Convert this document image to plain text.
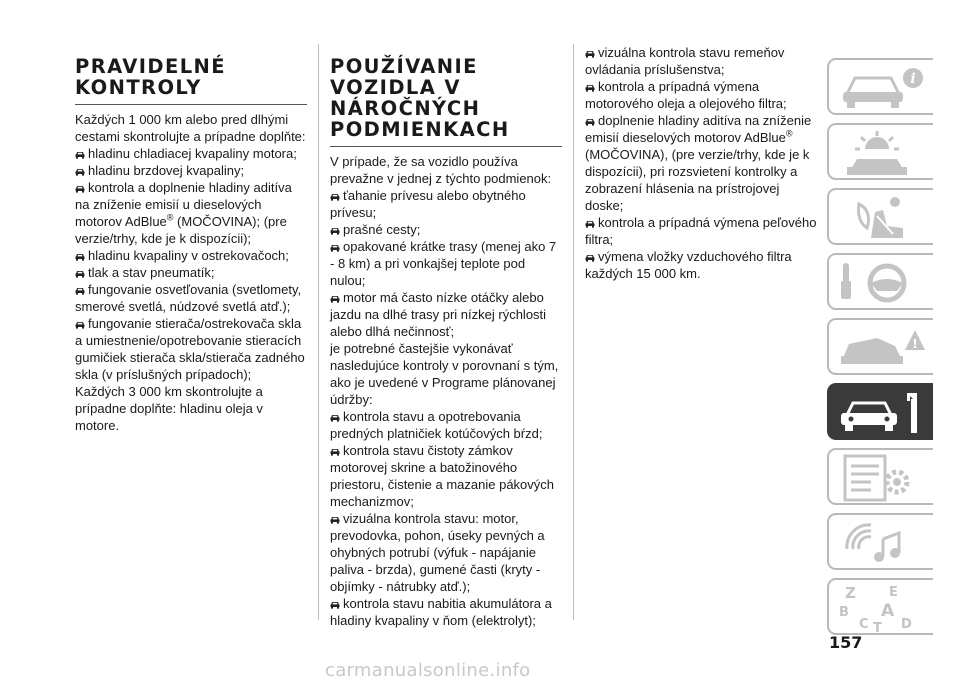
PRAVIDELNÉ
KONTROLY

Každých 1 000 km alebo pred dlhými cestami skontrolujte a prípadne doplňte:

hladinu chladiacej kvapaliny motora;

hladinu brzdovej kvapaliny;

kontrola a doplnenie hladiny aditíva na zníženie emisií u dieselových motorov AdBlue® (MOČOVINA); (pre verzie/trhy, kde je k dispozícii);

hladinu kvapaliny v ostrekovačoch;

tlak a stav pneumatík;

fungovanie osvetľovania (svetlomety, smerové svetlá, núdzové svetlá atď.);

fungovanie stierača/ostrekovača skla a umiestnenie/opotrebovanie stieracích gumičiek stierača skla/stierača zadného skla (v príslušných prípadoch);

Každých 3 000 km skontrolujte a prípadne doplňte: hladinu oleja v motore.

POUŽÍVANIE
VOZIDLA V
NÁROČNÝCH
PODMIENKACH

V prípade, že sa vozidlo používa prevažne v jednej z týchto podmienok:

ťahanie prívesu alebo obytného prívesu;

prašné cesty;

opakované krátke trasy (menej ako 7 - 8 km) a pri vonkajšej teplote pod nulou;

motor má často nízke otáčky alebo jazdu na dlhé trasy pri nízkej rýchlosti alebo dlhá nečinnosť;

je potrebné častejšie vykonávať nasledujúce kontroly v porovnaní s tým, ako je uvedené v Programe plánovanej údržby:

kontrola stavu a opotrebovania predných platničiek kotúčových bŕzd;

kontrola stavu čistoty zámkov motorovej skrine a batožinového priestoru, čistenie a mazanie pákových mechanizmov;

vizuálna kontrola stavu: motor, prevodovka, pohon, úseky pevných a ohybných potrubí (výfuk - napájanie paliva - brzda), gumené časti (kryty - objímky - nátrubky atď.);

kontrola stavu nabitia akumulátora a hladiny kvapaliny v ňom (elektrolyt);

vizuálna kontrola stavu remeňov ovládania príslušenstva;

kontrola a prípadná výmena motorového oleja a olejového filtra;

doplnenie hladiny aditíva na zníženie emisií dieselových motorov AdBlue® (MOČOVINA), (pre verzie/trhy, kde je k dispozícii), pri rozsvietení kontrolky a zobrazení hlásenia na prístrojovej doske;

kontrola a prípadná výmena peľového filtra;

výmena vložky vzduchového filtra každých 15 000 km.

i
!
Z	E
B A
C T D
157
carmanualsonline.info
